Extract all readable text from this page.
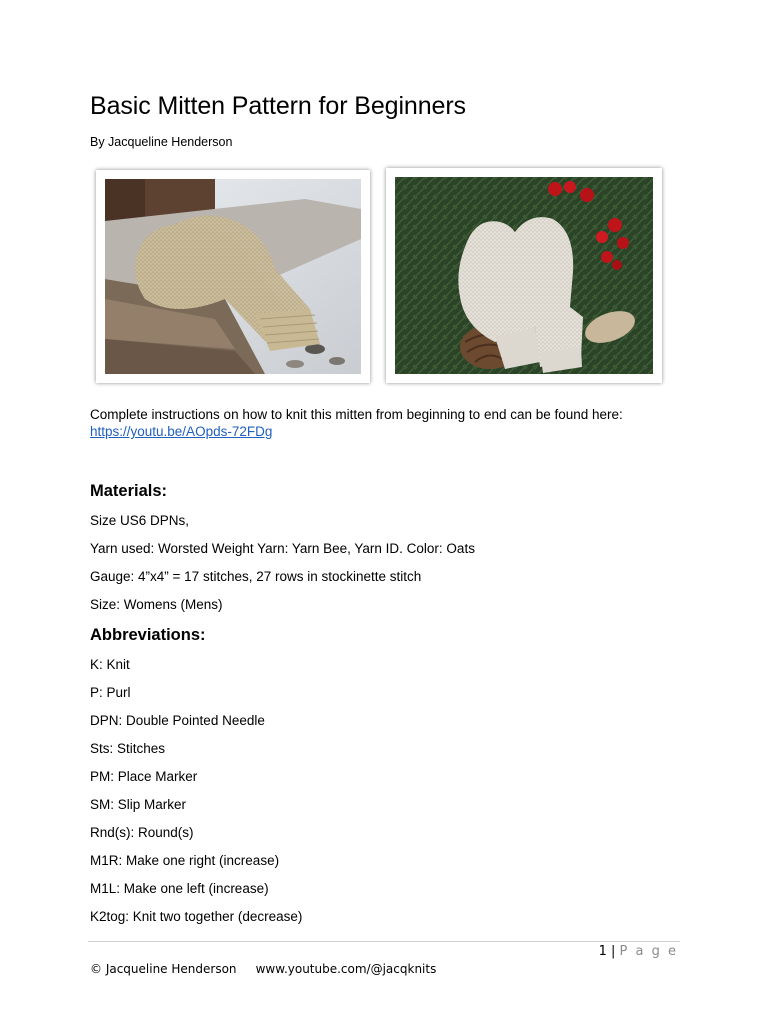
Basic Mitten Pattern for Beginners

By Jacqueline Henderson

Complete instructions on how to knit this mitten from beginning to end can be found here:
https://youtu.be/AOpds-72FDg

Materials:

Size US6 DPNs,

Yarn used: Worsted Weight Yarn: Yarn Bee, Yarn ID. Color: Oats

Gauge: 4”x4” = 17 stitches, 27 rows in stockinette stitch

Size: Womens (Mens)

Abbreviations:

K: Knit

P: Purl

DPN: Double Pointed Needle

Sts: Stitches

PM: Place Marker

SM: Slip Marker

Rnd(s): Round(s)

M1R: Make one right (increase)

M1L: Make one left (increase)

K2tog: Knit two together (decrease)

1 | P a g e
© Jacqueline Henderson     www.youtube.com/@jacqknits
